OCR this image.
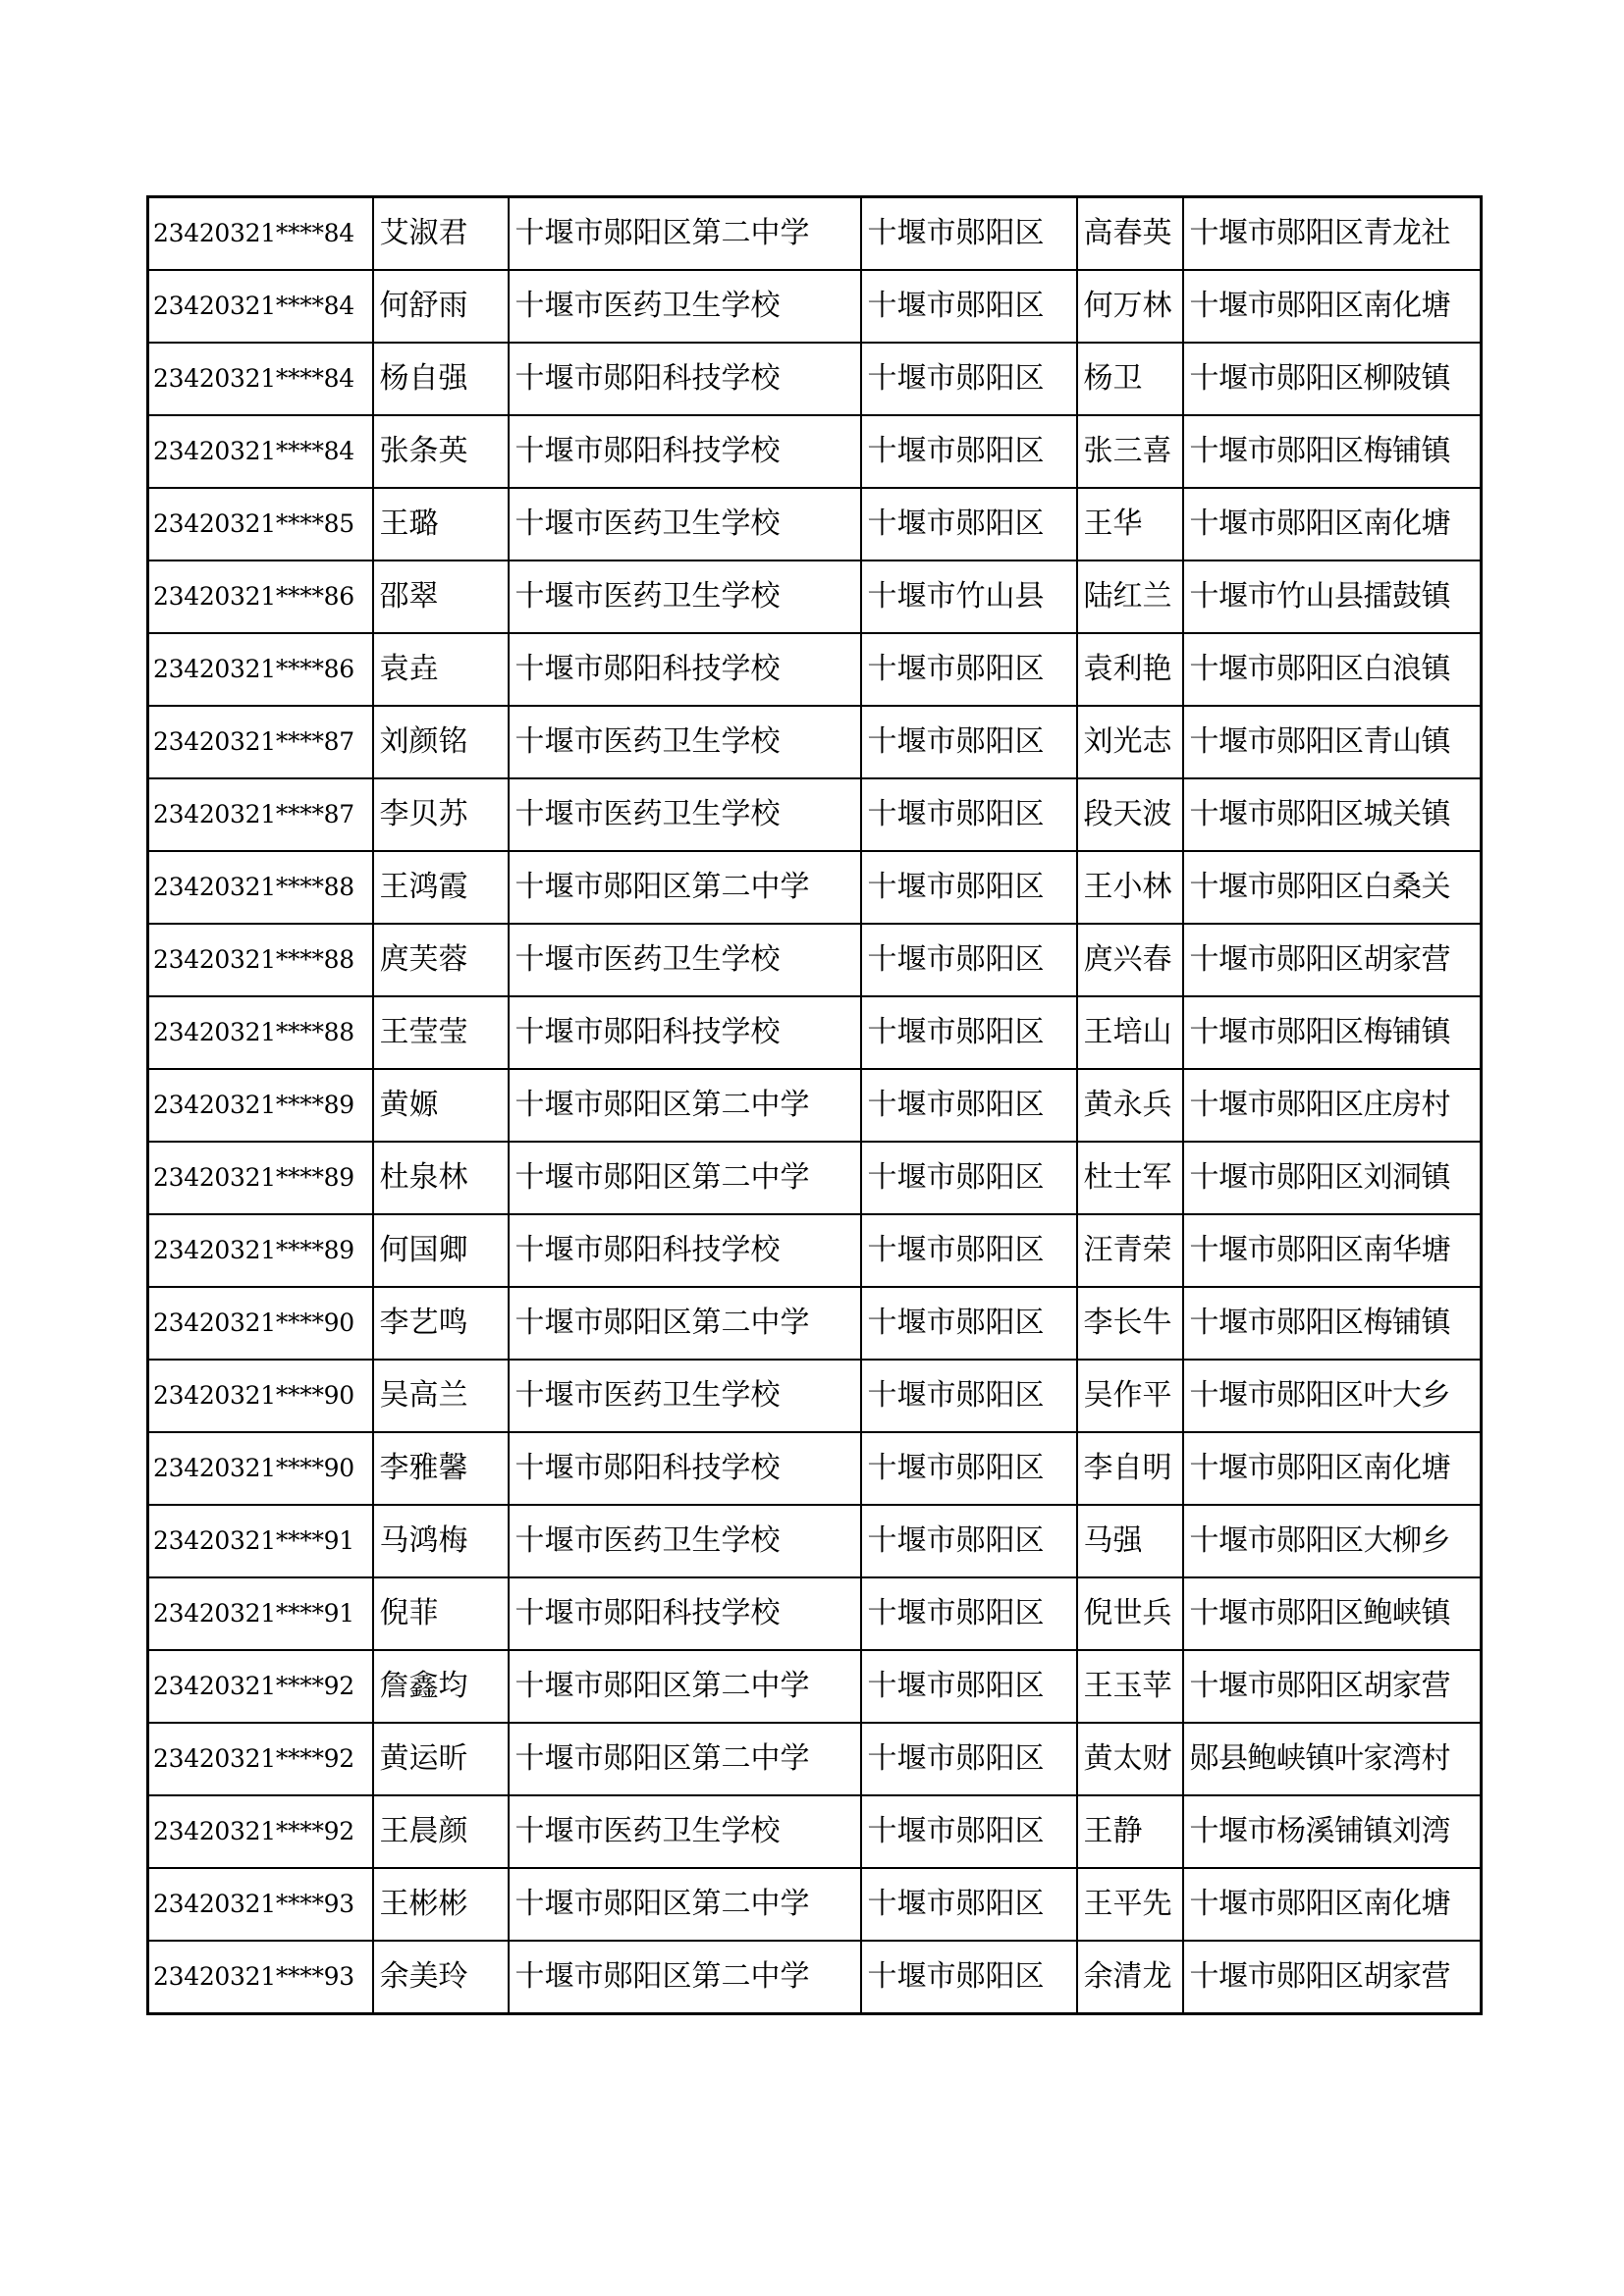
23420321****84	艾淑君	十堰市郧阳区第二中学	十堰市郧阳区	高春英	十堰市郧阳区青龙社
23420321****84	何舒雨	十堰市医药卫生学校	十堰市郧阳区	何万林	十堰市郧阳区南化塘
23420321****84	杨自强	十堰市郧阳科技学校	十堰市郧阳区	杨卫	十堰市郧阳区柳陂镇
23420321****84	张条英	十堰市郧阳科技学校	十堰市郧阳区	张三喜	十堰市郧阳区梅铺镇
23420321****85	王璐	十堰市医药卫生学校	十堰市郧阳区	王华	十堰市郧阳区南化塘
23420321****86	邵翠	十堰市医药卫生学校	十堰市竹山县	陆红兰	十堰市竹山县擂鼓镇
23420321****86	袁垚	十堰市郧阳科技学校	十堰市郧阳区	袁利艳	十堰市郧阳区白浪镇
23420321****87	刘颜铭	十堰市医药卫生学校	十堰市郧阳区	刘光志	十堰市郧阳区青山镇
23420321****87	李贝苏	十堰市医药卫生学校	十堰市郧阳区	段天波	十堰市郧阳区城关镇
23420321****88	王鸿霞	十堰市郧阳区第二中学	十堰市郧阳区	王小林	十堰市郧阳区白桑关
23420321****88	庹芙蓉	十堰市医药卫生学校	十堰市郧阳区	庹兴春	十堰市郧阳区胡家营
23420321****88	王莹莹	十堰市郧阳科技学校	十堰市郧阳区	王培山	十堰市郧阳区梅铺镇
23420321****89	黄嫄	十堰市郧阳区第二中学	十堰市郧阳区	黄永兵	十堰市郧阳区庄房村
23420321****89	杜泉林	十堰市郧阳区第二中学	十堰市郧阳区	杜士军	十堰市郧阳区刘洞镇
23420321****89	何国卿	十堰市郧阳科技学校	十堰市郧阳区	汪青荣	十堰市郧阳区南华塘
23420321****90	李艺鸣	十堰市郧阳区第二中学	十堰市郧阳区	李长牛	十堰市郧阳区梅铺镇
23420321****90	吴高兰	十堰市医药卫生学校	十堰市郧阳区	吴作平	十堰市郧阳区叶大乡
23420321****90	李雅馨	十堰市郧阳科技学校	十堰市郧阳区	李自明	十堰市郧阳区南化塘
23420321****91	马鸿梅	十堰市医药卫生学校	十堰市郧阳区	马强	十堰市郧阳区大柳乡
23420321****91	倪菲	十堰市郧阳科技学校	十堰市郧阳区	倪世兵	十堰市郧阳区鲍峡镇
23420321****92	詹鑫均	十堰市郧阳区第二中学	十堰市郧阳区	王玉苹	十堰市郧阳区胡家营
23420321****92	黄运昕	十堰市郧阳区第二中学	十堰市郧阳区	黄太财	郧县鲍峡镇叶家湾村
23420321****92	王晨颜	十堰市医药卫生学校	十堰市郧阳区	王静	十堰市杨溪铺镇刘湾
23420321****93	王彬彬	十堰市郧阳区第二中学	十堰市郧阳区	王平先	十堰市郧阳区南化塘
23420321****93	余美玲	十堰市郧阳区第二中学	十堰市郧阳区	余清龙	十堰市郧阳区胡家营
